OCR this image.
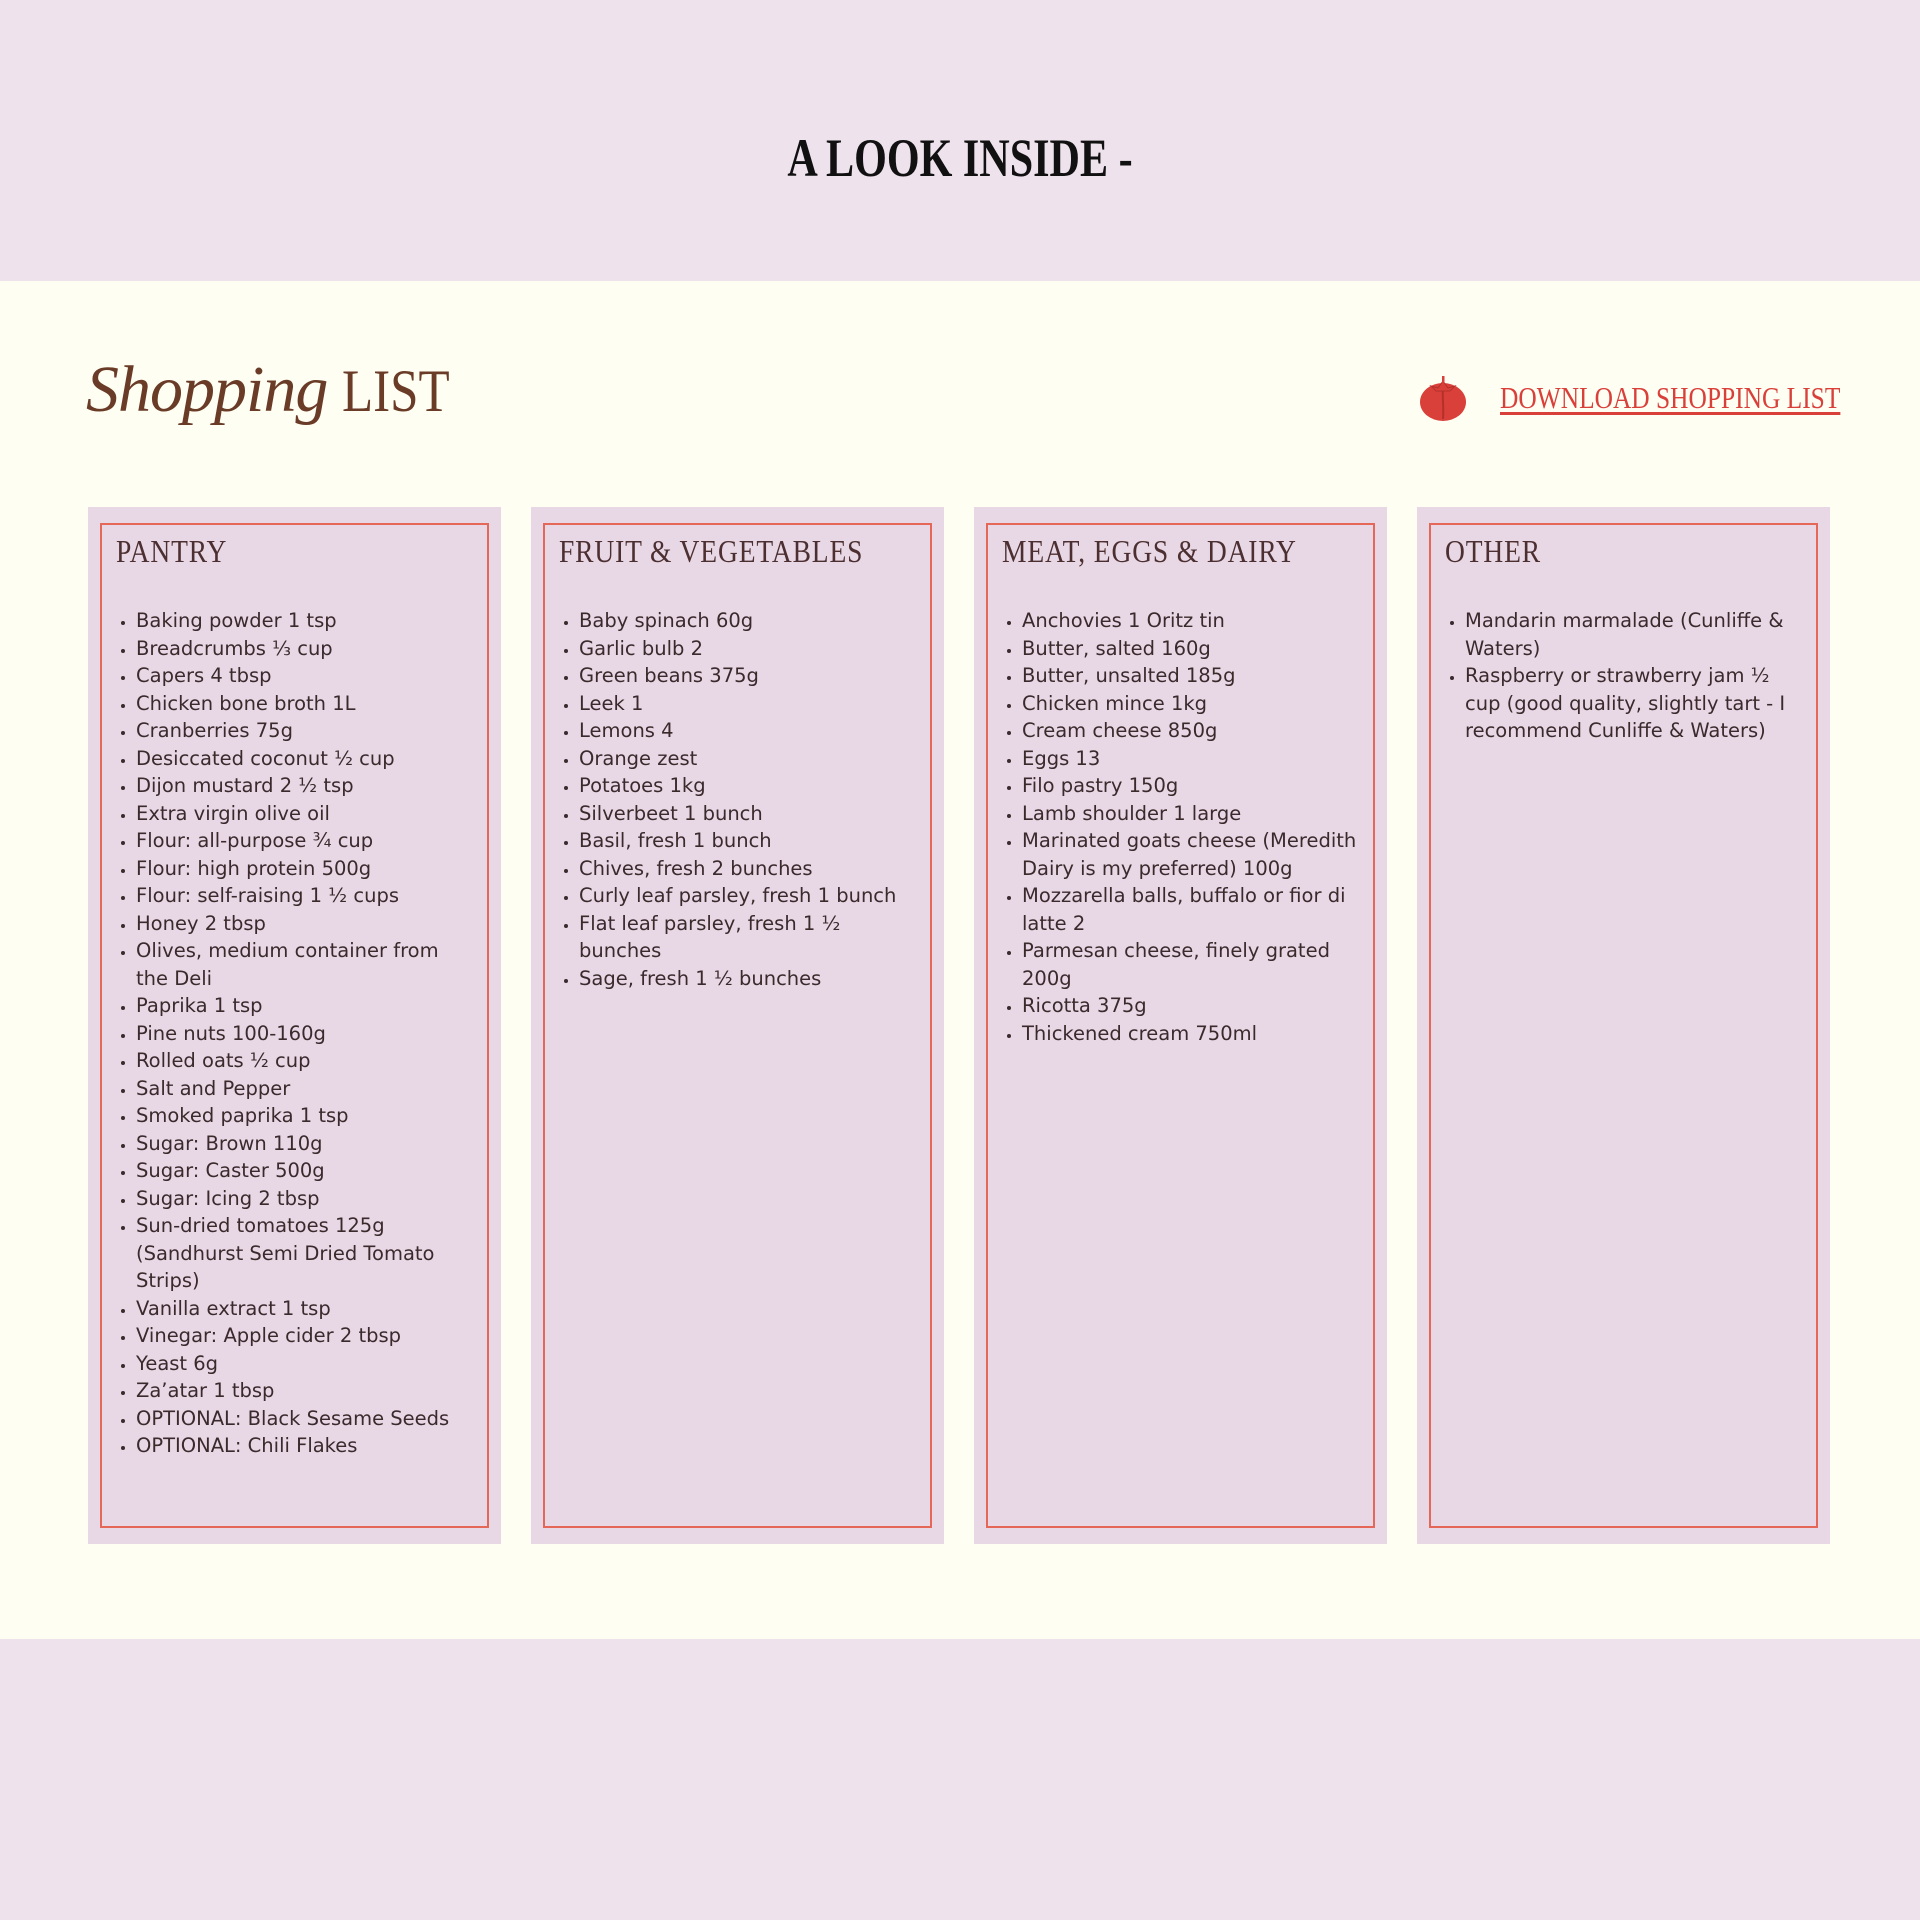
A LOOK INSIDE -
Shopping LIST	DOWNLOAD SHOPPING LIST
PANTRY
• Baking powder 1 tsp
• Breadcrumbs ⅓ cup
• Capers 4 tbsp
• Chicken bone broth 1L
• Cranberries 75g
• Desiccated coconut ½ cup
• Dijon mustard 2 ½ tsp
• Extra virgin olive oil
• Flour: all-purpose ¾ cup
• Flour: high protein 500g
• Flour: self-raising 1 ½ cups
• Honey 2 tbsp
• Olives, medium container from the Deli
• Paprika 1 tsp
• Pine nuts 100-160g
• Rolled oats ½ cup
• Salt and Pepper
• Smoked paprika 1 tsp
• Sugar: Brown 110g
• Sugar: Caster 500g
• Sugar: Icing 2 tbsp
• Sun-dried tomatoes 125g (Sandhurst Semi Dried Tomato Strips)
• Vanilla extract 1 tsp
• Vinegar: Apple cider 2 tbsp
• Yeast 6g
• Za’atar 1 tbsp
• OPTIONAL: Black Sesame Seeds
• OPTIONAL: Chili Flakes
FRUIT & VEGETABLES
• Baby spinach 60g
• Garlic bulb 2
• Green beans 375g
• Leek 1
• Lemons 4
• Orange zest
• Potatoes 1kg
• Silverbeet 1 bunch
• Basil, fresh 1 bunch
• Chives, fresh 2 bunches
• Curly leaf parsley, fresh 1 bunch
• Flat leaf parsley, fresh 1 ½ bunches
• Sage, fresh 1 ½ bunches
MEAT, EGGS & DAIRY
• Anchovies 1 Oritz tin
• Butter, salted 160g
• Butter, unsalted 185g
• Chicken mince 1kg
• Cream cheese 850g
• Eggs 13
• Filo pastry 150g
• Lamb shoulder 1 large
• Marinated goats cheese (Meredith Dairy is my preferred) 100g
• Mozzarella balls, buffalo or fior di latte 2
• Parmesan cheese, finely grated 200g
• Ricotta 375g
• Thickened cream 750ml
OTHER
• Mandarin marmalade (Cunliffe & Waters)
• Raspberry or strawberry jam ½ cup (good quality, slightly tart - I recommend Cunliffe & Waters)
